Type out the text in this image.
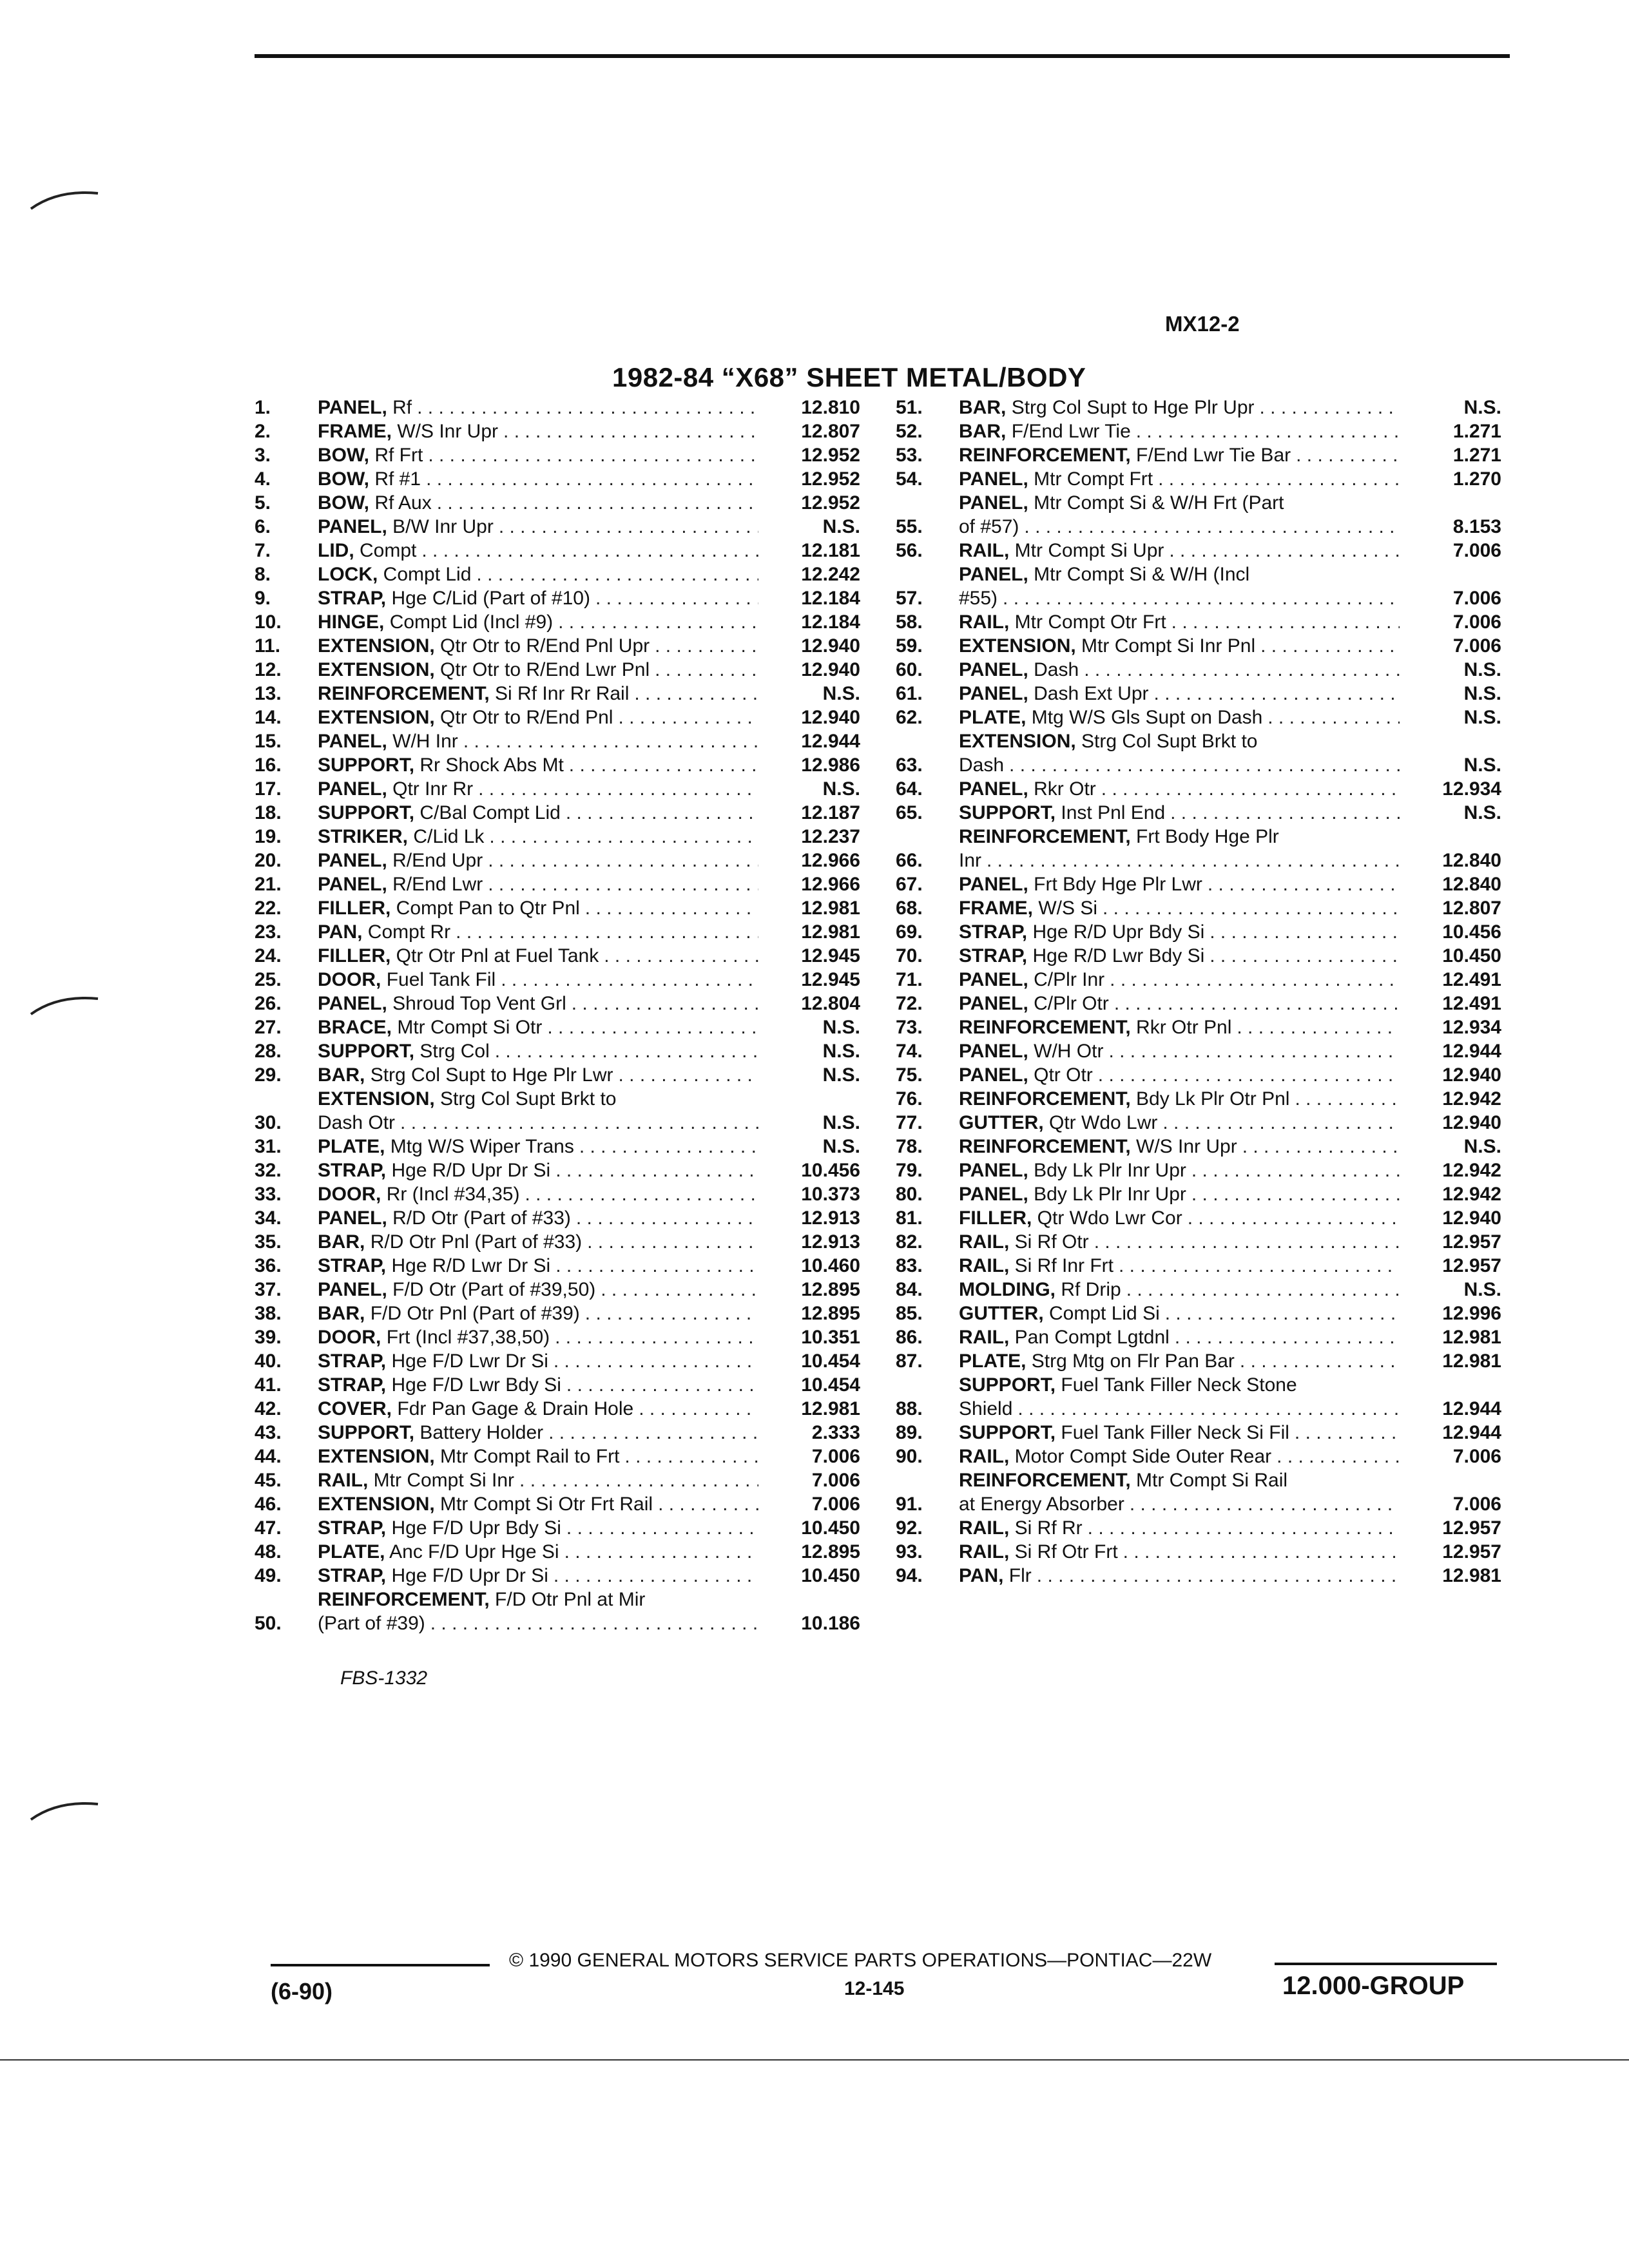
MX12-2
1982-84 “X68” SHEET METAL/BODY
1.	PANEL, Rf . . .	12.810
2.	FRAME, W/S Inr Upr . . .	12.807
3.	BOW, Rf Frt . . .	12.952
4.	BOW, Rf #1 . . .	12.952
5.	BOW, Rf Aux . . .	12.952
6.	PANEL, B/W Inr Upr . . .	N.S.
7.	LID, Compt . . .	12.181
8.	LOCK, Compt Lid . . .	12.242
9.	STRAP, Hge C/Lid (Part of #10) . . .	12.184
10.	HINGE, Compt Lid (Incl #9) . . .	12.184
11.	EXTENSION, Qtr Otr to R/End Pnl Upr . . .	12.940
12.	EXTENSION, Qtr Otr to R/End Lwr Pnl . . .	12.940
13.	REINFORCEMENT, Si Rf Inr Rr Rail . . .	N.S.
14.	EXTENSION, Qtr Otr to R/End Pnl . . .	12.940
15.	PANEL, W/H Inr . . .	12.944
16.	SUPPORT, Rr Shock Abs Mt . . .	12.986
17.	PANEL, Qtr Inr Rr . . .	N.S.
18.	SUPPORT, C/Bal Compt Lid . . .	12.187
19.	STRIKER, C/Lid Lk . . .	12.237
20.	PANEL, R/End Upr . . .	12.966
21.	PANEL, R/End Lwr . . .	12.966
22.	FILLER, Compt Pan to Qtr Pnl . . .	12.981
23.	PAN, Compt Rr . . .	12.981
24.	FILLER, Qtr Otr Pnl at Fuel Tank . . .	12.945
25.	DOOR, Fuel Tank Fil . . .	12.945
26.	PANEL, Shroud Top Vent Grl . . .	12.804
27.	BRACE, Mtr Compt Si Otr . . .	N.S.
28.	SUPPORT, Strg Col . . .	N.S.
29.	BAR, Strg Col Supt to Hge Plr Lwr . . .	N.S.
30.
EXTENSION, Strg Col Supt Brkt to
Dash Otr . . .	N.S.
31.	PLATE, Mtg W/S Wiper Trans . . .	N.S.
32.	STRAP, Hge R/D Upr Dr Si . . .	10.456
33.	DOOR, Rr (Incl #34,35) . . .	10.373
34.	PANEL, R/D Otr (Part of #33) . . .	12.913
35.	BAR, R/D Otr Pnl (Part of #33) . . .	12.913
36.	STRAP, Hge R/D Lwr Dr Si . . .	10.460
37.	PANEL, F/D Otr (Part of #39,50) . . .	12.895
38.	BAR, F/D Otr Pnl (Part of #39) . . .	12.895
39.	DOOR, Frt (Incl #37,38,50) . . .	10.351
40.	STRAP, Hge F/D Lwr Dr Si . . .	10.454
41.	STRAP, Hge F/D Lwr Bdy Si . . .	10.454
42.	COVER, Fdr Pan Gage & Drain Hole . . .	12.981
43.	SUPPORT, Battery Holder . . .	2.333
44.	EXTENSION, Mtr Compt Rail to Frt . . .	7.006
45.	RAIL, Mtr Compt Si Inr . . .	7.006
46.	EXTENSION, Mtr Compt Si Otr Frt Rail . . .	7.006
47.	STRAP, Hge F/D Upr Bdy Si . . .	10.450
48.	PLATE, Anc F/D Upr Hge Si . . .	12.895
49.	STRAP, Hge F/D Upr Dr Si . . .	10.450
50.
REINFORCEMENT, F/D Otr Pnl at Mir
(Part of #39) . . .	10.186
51.	BAR, Strg Col Supt to Hge Plr Upr . . .	N.S.
52.	BAR, F/End Lwr Tie . . .	1.271
53.	REINFORCEMENT, F/End Lwr Tie Bar . . .	1.271
54.	PANEL, Mtr Compt Frt . . .	1.270
55.
PANEL, Mtr Compt Si & W/H Frt (Part
of #57) . . .	8.153
56.	RAIL, Mtr Compt Si Upr . . .	7.006
57.
PANEL, Mtr Compt Si & W/H (Incl
#55) . . .	7.006
58.	RAIL, Mtr Compt Otr Frt . . .	7.006
59.	EXTENSION, Mtr Compt Si Inr Pnl . . .	7.006
60.	PANEL, Dash . . .	N.S.
61.	PANEL, Dash Ext Upr . . .	N.S.
62.	PLATE, Mtg W/S Gls Supt on Dash . . .	N.S.
63.
EXTENSION, Strg Col Supt Brkt to
Dash . . .	N.S.
64.	PANEL, Rkr Otr . . .	12.934
65.	SUPPORT, Inst Pnl End . . .	N.S.
66.
REINFORCEMENT, Frt Body Hge Plr
Inr . . .	12.840
67.	PANEL, Frt Bdy Hge Plr Lwr . . .	12.840
68.	FRAME, W/S Si . . .	12.807
69.	STRAP, Hge R/D Upr Bdy Si . . .	10.456
70.	STRAP, Hge R/D Lwr Bdy Si . . .	10.450
71.	PANEL, C/Plr Inr . . .	12.491
72.	PANEL, C/Plr Otr . . .	12.491
73.	REINFORCEMENT, Rkr Otr Pnl . . .	12.934
74.	PANEL, W/H Otr . . .	12.944
75.	PANEL, Qtr Otr . . .	12.940
76.	REINFORCEMENT, Bdy Lk Plr Otr Pnl . . .	12.942
77.	GUTTER, Qtr Wdo Lwr . . .	12.940
78.	REINFORCEMENT, W/S Inr Upr . . .	N.S.
79.	PANEL, Bdy Lk Plr Inr Upr . . .	12.942
80.	PANEL, Bdy Lk Plr Inr Upr . . .	12.942
81.	FILLER, Qtr Wdo Lwr Cor . . .	12.940
82.	RAIL, Si Rf Otr . . .	12.957
83.	RAIL, Si Rf Inr Frt . . .	12.957
84.	MOLDING, Rf Drip . . .	N.S.
85.	GUTTER, Compt Lid Si . . .	12.996
86.	RAIL, Pan Compt Lgtdnl . . .	12.981
87.	PLATE, Strg Mtg on Flr Pan Bar . . .	12.981
88.
SUPPORT, Fuel Tank Filler Neck Stone
Shield . . .	12.944
89.	SUPPORT, Fuel Tank Filler Neck Si Fil . . .	12.944
90.	RAIL, Motor Compt Side Outer Rear . . .	7.006
91.
REINFORCEMENT, Mtr Compt Si Rail
at Energy Absorber . . .	7.006
92.	RAIL, Si Rf Rr . . .	12.957
93.	RAIL, Si Rf Otr Frt . . .	12.957
94.	PAN, Flr . . .	12.981
FBS-1332
© 1990 GENERAL MOTORS SERVICE PARTS OPERATIONS—PONTIAC—22W
(6-90)	12-145	12.000-GROUP
